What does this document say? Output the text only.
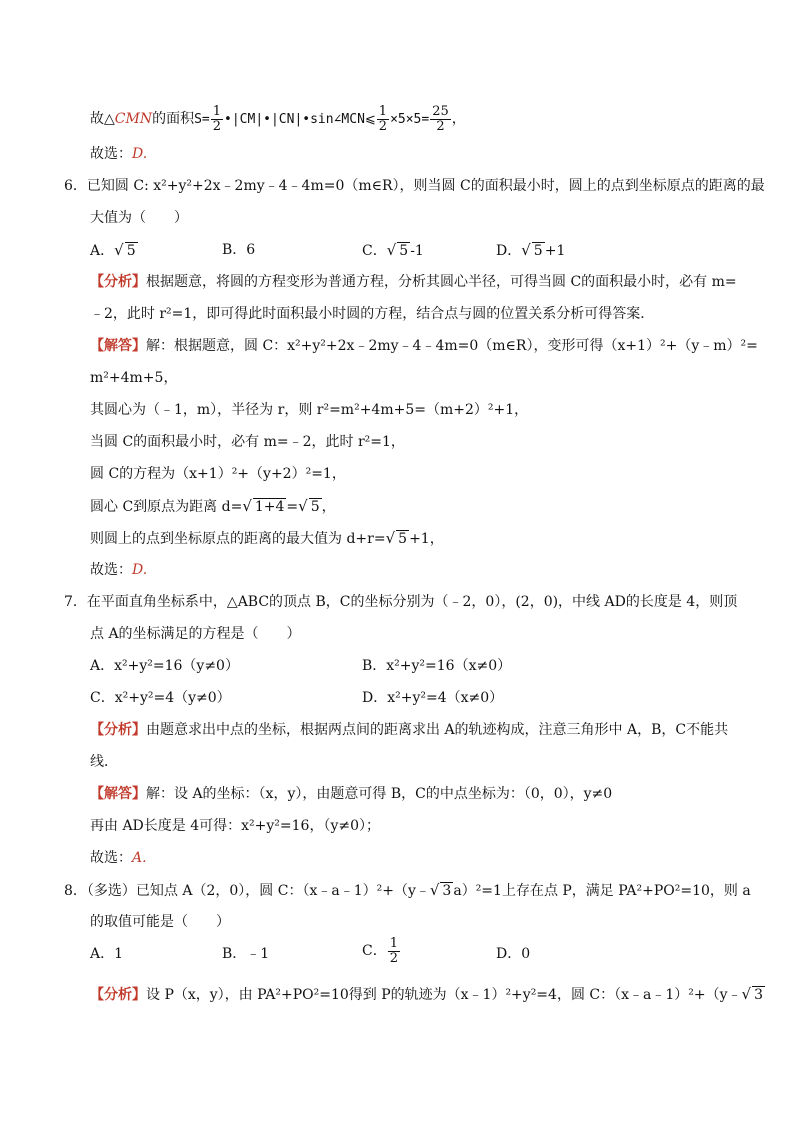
故△CMN的面积$S= \frac{1}{2}$ •|CM|•|CN|•sin∠MCN⩽ $\frac{1}{2} \times 5\times 5= \frac{25}{2}$ ，
故选：D.
6．已知圆 C: x²+y²+2x﹣2my﹣4﹣4m=0（m∈R），则当圆 C的面积最小时，圆上的点到坐标原点的距离的最
大值为（　　）
A．√ 5	B．6	C．√ 5 -1	D．√ 5 +1
【分析】根据题意，将圆的方程变形为普通方程，分析其圆心半径，可得当圆 C的面积最小时，必有 m=
﹣2，此时 r²=1，即可得此时面积最小时圆的方程，结合点与圆的位置关系分析可得答案．
【解答】解：根据题意，圆 C：x²+y²+2x﹣2my﹣4﹣4m=0（m∈R），变形可得（x+1）²+（y﹣m）²=
m²+4m+5，
其圆心为（﹣1，m），半径为 r，则 r²=m²+4m+5=（m+2）²+1，
当圆 C的面积最小时，必有 m=﹣2，此时 r²=1，
圆 C的方程为（x+1）²+（y+2）²=1，
圆心 C到原点为距离 d=√ 1+4 =√ 5 ，
则圆上的点到坐标原点的距离的最大值为 d+r=√ 5 +1，
故选：D.
7．在平面直角坐标系中，△ABC的顶点 B，C的坐标分别为（﹣2，0），(2，0)，中线 AD的长度是 4，则顶
点 A的坐标满足的方程是（　　）
A．x²+y²=16（y≠0）	B．x²+y²=16（x≠0）
C．x²+y²=4（y≠0）	D．x²+y²=4（x≠0）
【分析】由题意求出中点的坐标，根据两点间的距离求出 A的轨迹构成，注意三角形中 A，B，C不能共
线．
【解答】解：设 A的坐标：（x，y），由题意可得 B，C的中点坐标为：（0，0），y≠0
再由 AD长度是 4可得：x²+y²=16，（y≠0）；
故选：A.
8．（多选）已知点 A（2，0），圆 C：（x﹣a﹣1）²+（y﹣√ 3 a）²=1上存在点 P，满足 PA²+PO²=10，则 a
的取值可能是（　　）
A．1	B．﹣1	C． $\frac{1}{2}$	D．0
【分析】设 P（x，y），由 PA²+PO²=10得到 P的轨迹为（x﹣1）²+y²=4，圆 C：（x﹣a﹣1）²+（y﹣√ 3
